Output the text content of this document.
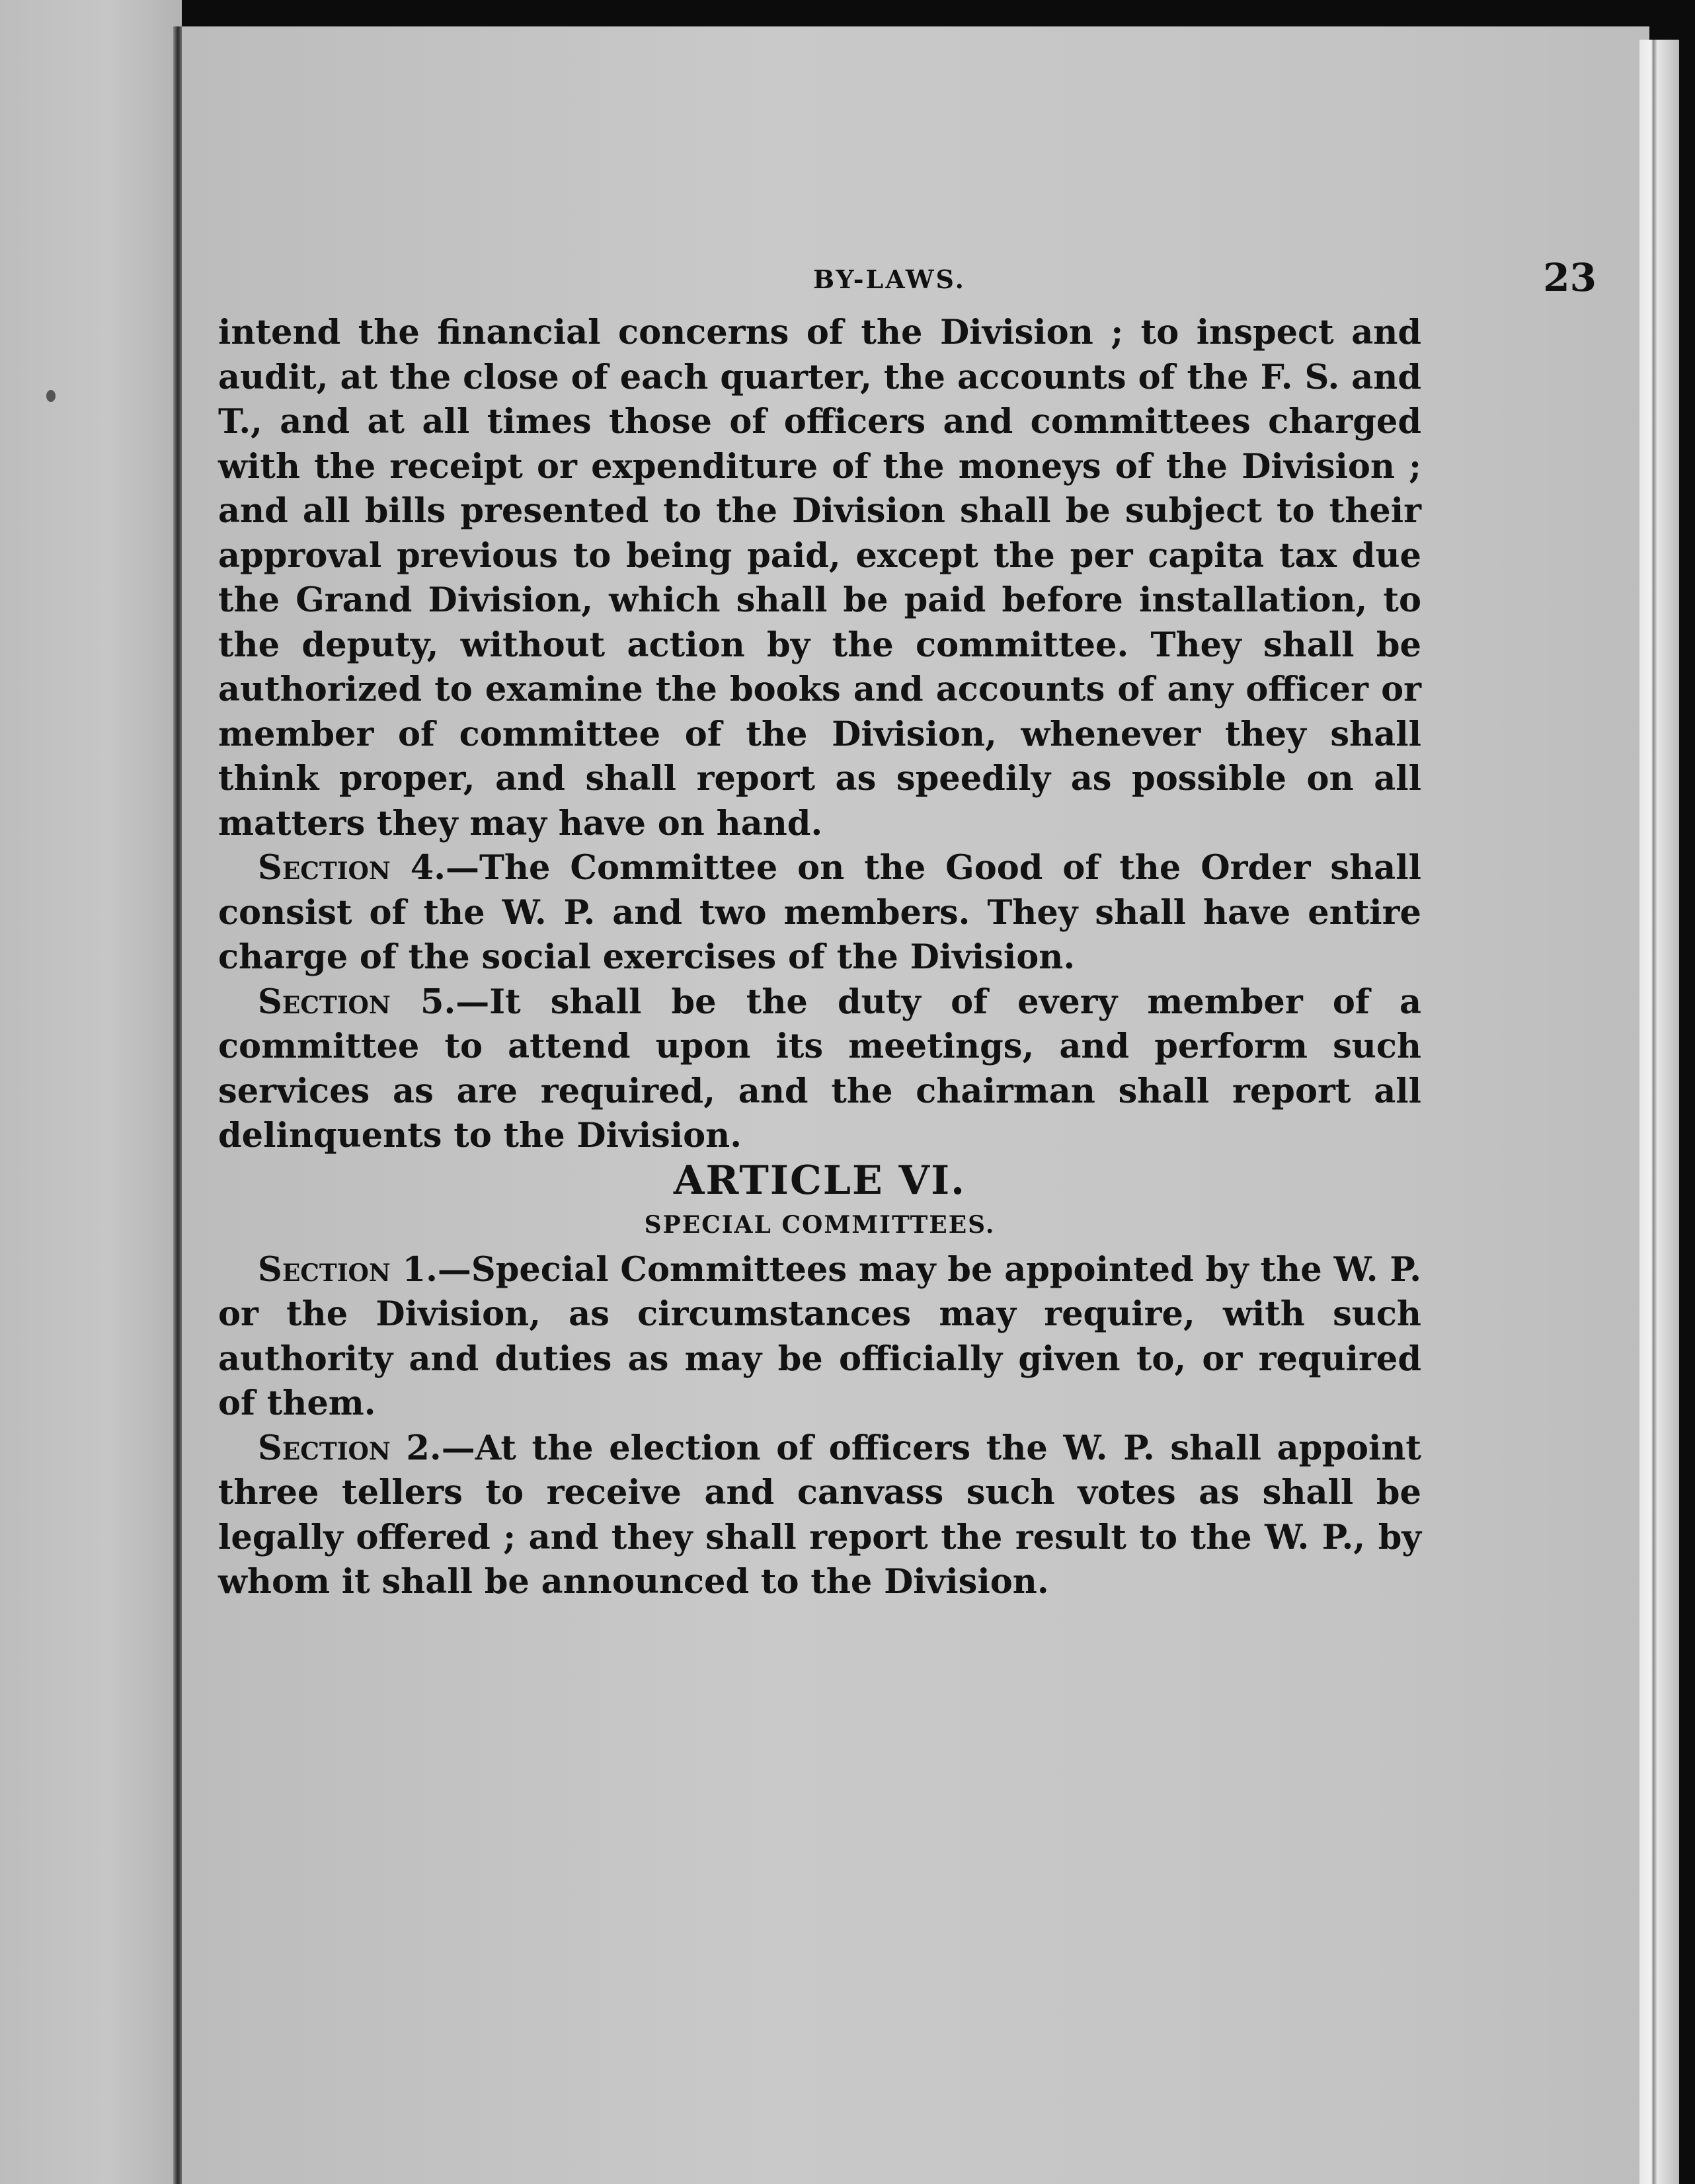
BY-LAWS.	23

intend the financial concerns of the Division ; to inspect and audit, at the close of each quarter, the accounts of the F. S. and T., and at all times those of officers and committees charged with the receipt or expenditure of the moneys of the Division ; and all bills presented to the Division shall be subject to their approval previous to being paid, except the per capita tax due the Grand Division, which shall be paid before installation, to the deputy, without action by the committee. They shall be authorized to examine the books and accounts of any officer or member of committee of the Division, whenever they shall think proper, and shall report as speedily as possible on all matters they may have on hand.

Section 4.—The Committee on the Good of the Order shall consist of the W. P. and two members. They shall have entire charge of the social exercises of the Division.

Section 5.—It shall be the duty of every member of a committee to attend upon its meetings, and perform such services as are required, and the chairman shall report all delinquents to the Division.

ARTICLE VI.

SPECIAL COMMITTEES.

Section 1.—Special Committees may be appointed by the W. P. or the Division, as circumstances may require, with such authority and duties as may be officially given to, or required of them.

Section 2.—At the election of officers the W. P. shall appoint three tellers to receive and canvass such votes as shall be legally offered ; and they shall report the result to the W. P., by whom it shall be announced to the Division.
